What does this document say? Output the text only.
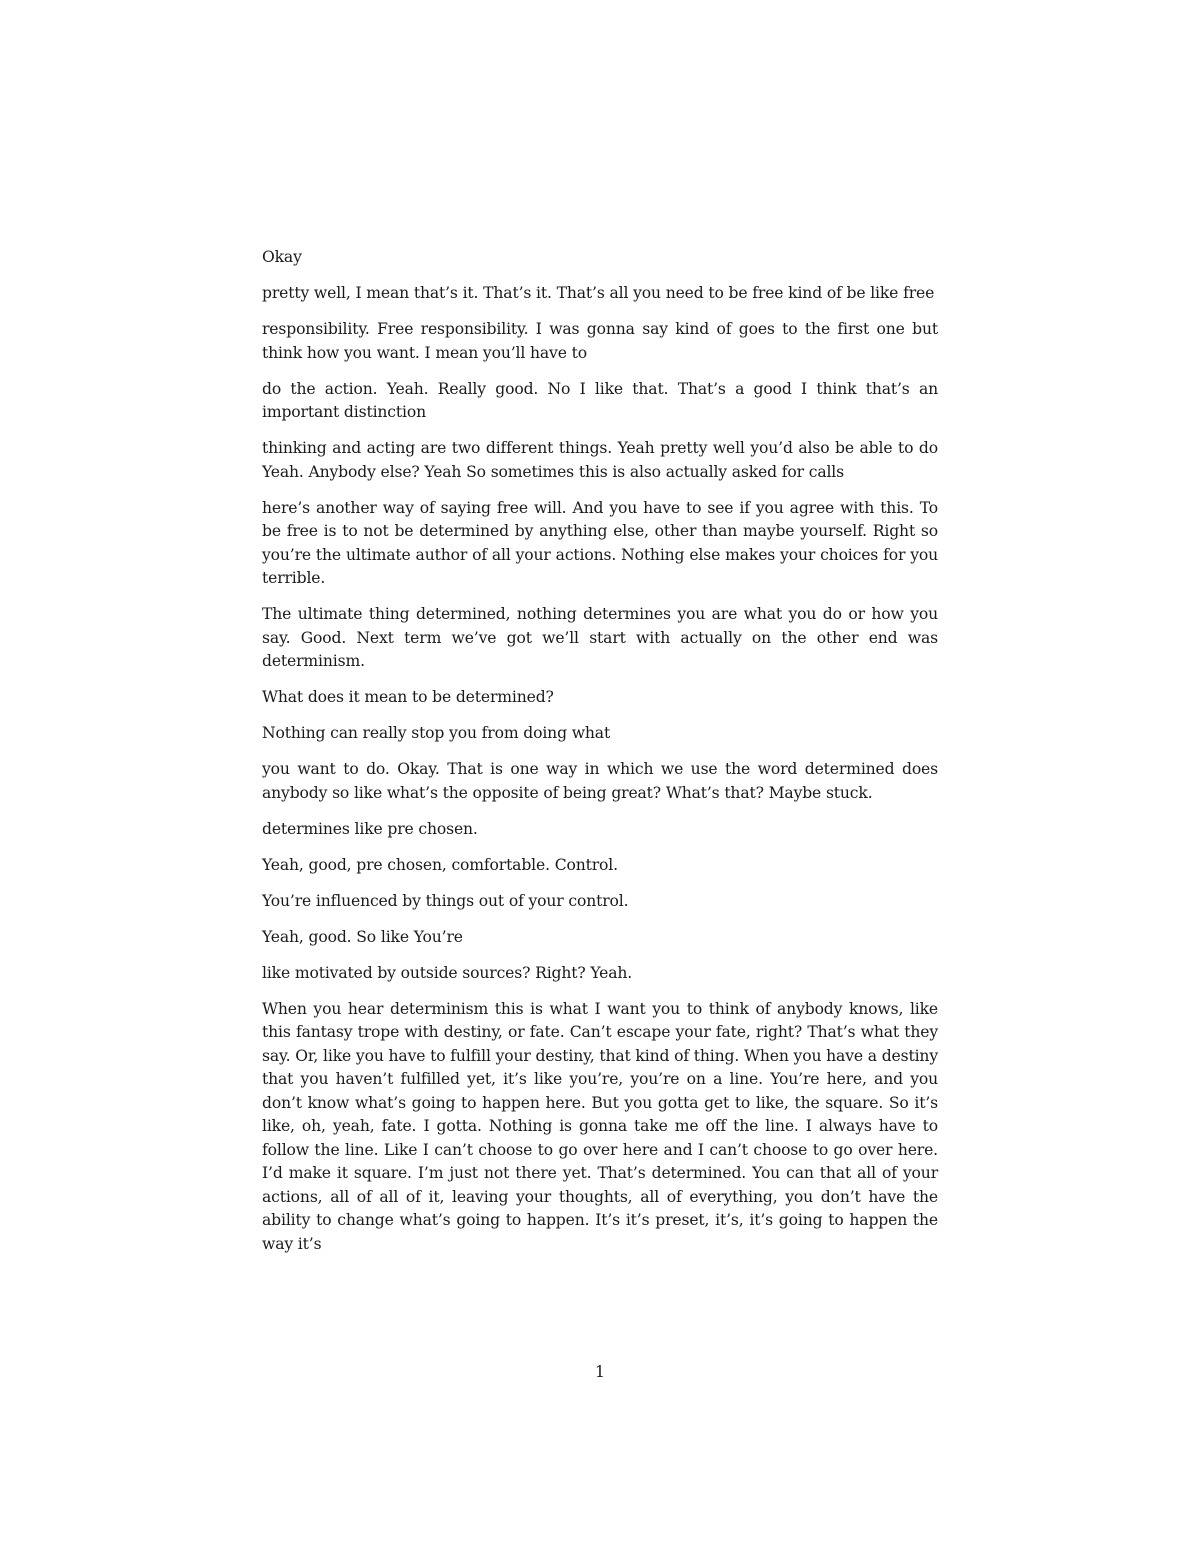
Okay

pretty well, I mean that’s it. That’s it. That’s all you need to be free kind of be like free

responsibility. Free responsibility. I was gonna say kind of goes to the first one but think how you want. I mean you’ll have to

do the action. Yeah. Really good. No I like that. That’s a good I think that’s an important distinction

thinking and acting are two different things. Yeah pretty well you’d also be able to do Yeah. Anybody else? Yeah So sometimes this is also actually asked for calls

here’s another way of saying free will. And you have to see if you agree with this. To be free is to not be determined by anything else, other than maybe yourself. Right so you’re the ultimate author of all your actions. Nothing else makes your choices for you terrible.

The ultimate thing determined, nothing determines you are what you do or how you say. Good. Next term we’ve got we’ll start with actually on the other end was determinism.

What does it mean to be determined?

Nothing can really stop you from doing what

you want to do. Okay. That is one way in which we use the word determined does anybody so like what’s the opposite of being great? What’s that? Maybe stuck.

determines like pre chosen.

Yeah, good, pre chosen, comfortable. Control.

You’re influenced by things out of your control.

Yeah, good. So like You’re

like motivated by outside sources? Right? Yeah.

When you hear determinism this is what I want you to think of anybody knows, like this fantasy trope with destiny, or fate. Can’t escape your fate, right? That’s what they say. Or, like you have to fulfill your destiny, that kind of thing. When you have a destiny that you haven’t fulfilled yet, it’s like you’re, you’re on a line. You’re here, and you don’t know what’s going to happen here. But you gotta get to like, the square. So it’s like, oh, yeah, fate. I gotta. Nothing is gonna take me off the line. I always have to follow the line. Like I can’t choose to go over here and I can’t choose to go over here. I’d make it square. I’m just not there yet. That’s determined. You can that all of your actions, all of all of it, leaving your thoughts, all of everything, you don’t have the ability to change what’s going to happen. It’s it’s preset, it’s, it’s going to happen the way it’s

1
